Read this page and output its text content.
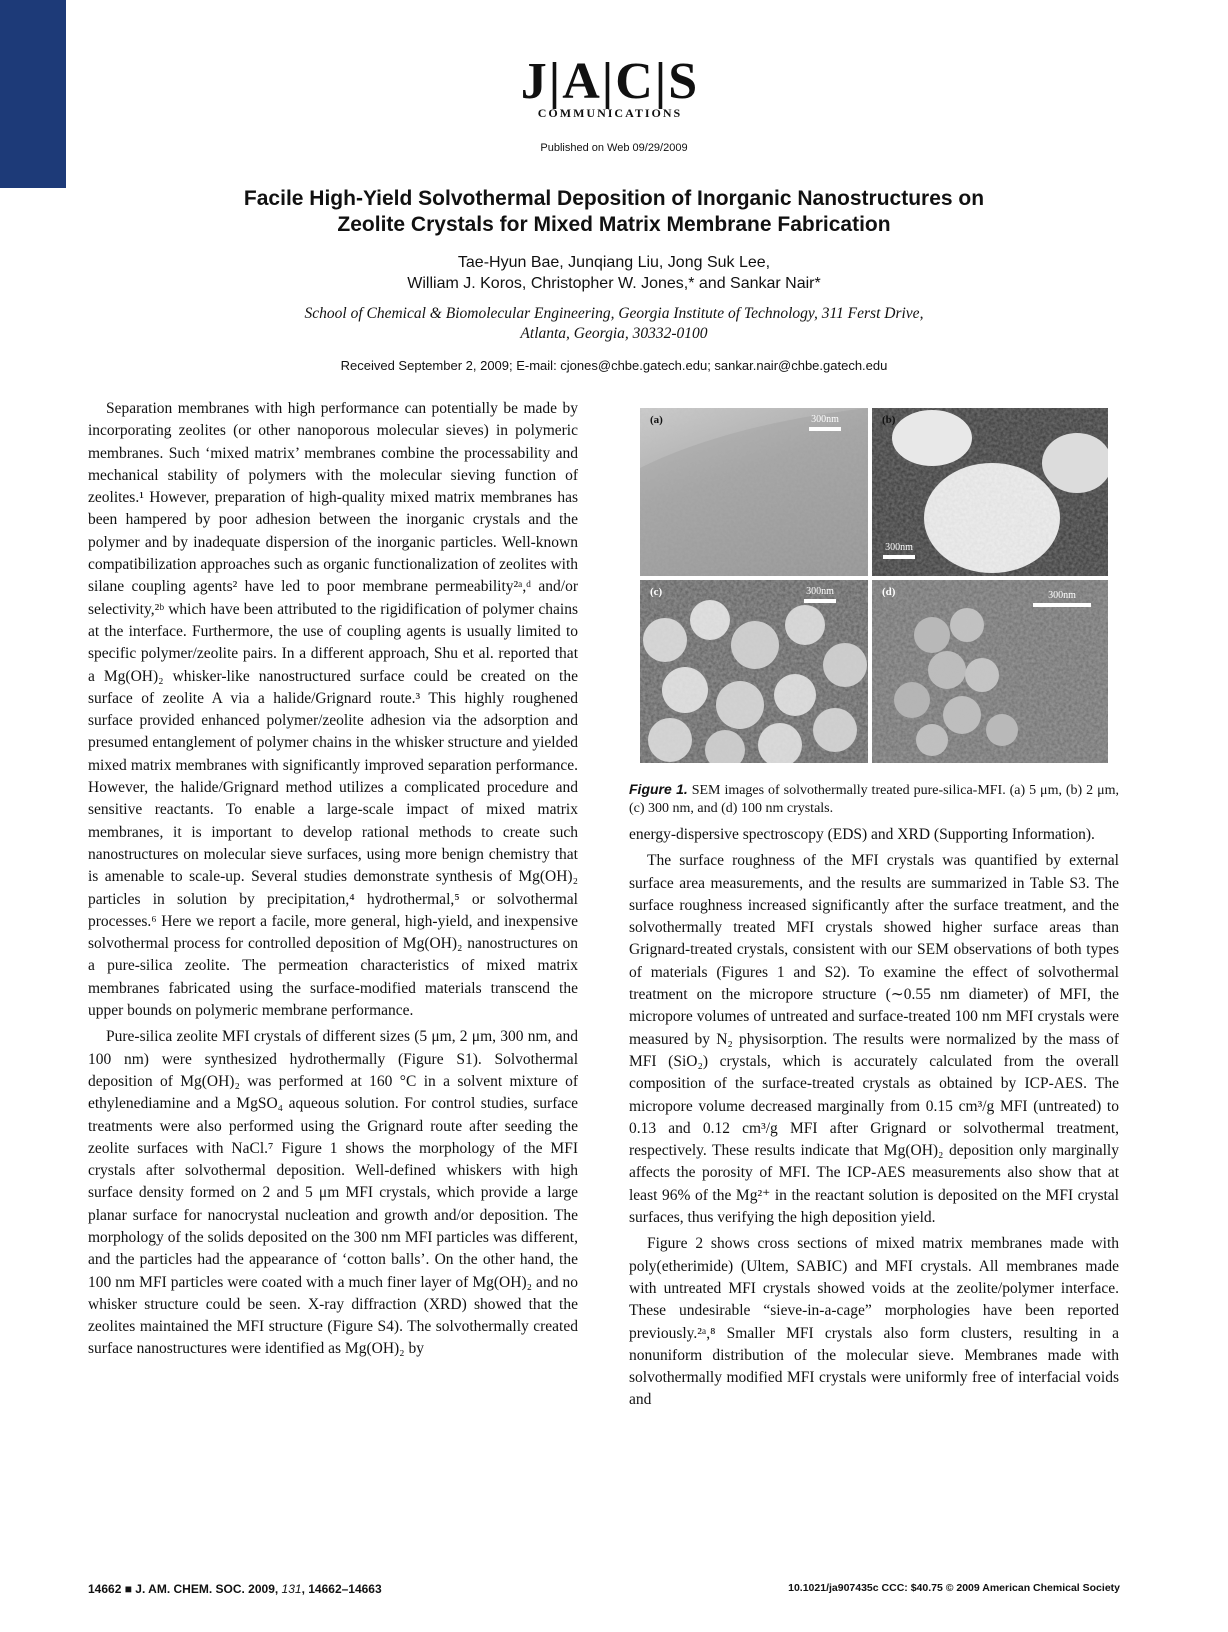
J|A|C|S
COMMUNICATIONS
Published on Web 09/29/2009
Facile High-Yield Solvothermal Deposition of Inorganic Nanostructures on
Zeolite Crystals for Mixed Matrix Membrane Fabrication
Tae-Hyun Bae, Junqiang Liu, Jong Suk Lee,
William J. Koros, Christopher W. Jones,* and Sankar Nair*
School of Chemical & Biomolecular Engineering, Georgia Institute of Technology, 311 Ferst Drive,
Atlanta, Georgia, 30332-0100
Received September 2, 2009; E-mail: cjones@chbe.gatech.edu; sankar.nair@chbe.gatech.edu

Separation membranes with high performance can potentially be made by incorporating zeolites (or other nanoporous molecular sieves) in polymeric membranes. Such ‘mixed matrix’ membranes combine the processability and mechanical stability of polymers with the molecular sieving function of zeolites.¹ However, preparation of high-quality mixed matrix membranes has been hampered by poor adhesion between the inorganic crystals and the polymer and by inadequate dispersion of the inorganic particles. Well-known compatibilization approaches such as organic functionalization of zeolites with silane coupling agents² have led to poor membrane permeability²ᵃ,ᵈ and/or selectivity,²ᵇ which have been attributed to the rigidification of polymer chains at the interface. Furthermore, the use of coupling agents is usually limited to specific polymer/zeolite pairs. In a different approach, Shu et al. reported that a Mg(OH)₂ whisker-like nanostructured surface could be created on the surface of zeolite A via a halide/Grignard route.³ This highly roughened surface provided enhanced polymer/zeolite adhesion via the adsorption and presumed entanglement of polymer chains in the whisker structure and yielded mixed matrix membranes with significantly improved separation performance. However, the halide/Grignard method utilizes a complicated procedure and sensitive reactants. To enable a large-scale impact of mixed matrix membranes, it is important to develop rational methods to create such nanostructures on molecular sieve surfaces, using more benign chemistry that is amenable to scale-up. Several studies demonstrate synthesis of Mg(OH)₂ particles in solution by precipitation,⁴ hydrothermal,⁵ or solvothermal processes.⁶ Here we report a facile, more general, high-yield, and inexpensive solvothermal process for controlled deposition of Mg(OH)₂ nanostructures on a pure-silica zeolite. The permeation characteristics of mixed matrix membranes fabricated using the surface-modified materials transcend the upper bounds on polymeric membrane performance.

Pure-silica zeolite MFI crystals of different sizes (5 μm, 2 μm, 300 nm, and 100 nm) were synthesized hydrothermally (Figure S1). Solvothermal deposition of Mg(OH)₂ was performed at 160 °C in a solvent mixture of ethylenediamine and a MgSO₄ aqueous solution. For control studies, surface treatments were also performed using the Grignard route after seeding the zeolite surfaces with NaCl.⁷ Figure 1 shows the morphology of the MFI crystals after solvothermal deposition. Well-defined whiskers with high surface density formed on 2 and 5 μm MFI crystals, which provide a large planar surface for nanocrystal nucleation and growth and/or deposition. The morphology of the solids deposited on the 300 nm MFI particles was different, and the particles had the appearance of ‘cotton balls’. On the other hand, the 100 nm MFI particles were coated with a much finer layer of Mg(OH)₂ and no whisker structure could be seen. X-ray diffraction (XRD) showed that the zeolites maintained the MFI structure (Figure S4). The solvothermally created surface nanostructures were identified as Mg(OH)₂ by

(a)	300nm	(b)
300nm
(c)	300nm	(d)	300nm
Figure 1. SEM images of solvothermally treated pure-silica-MFI. (a) 5 μm, (b) 2 μm, (c) 300 nm, and (d) 100 nm crystals.

energy-dispersive spectroscopy (EDS) and XRD (Supporting Information).

The surface roughness of the MFI crystals was quantified by external surface area measurements, and the results are summarized in Table S3. The surface roughness increased significantly after the surface treatment, and the solvothermally treated MFI crystals showed higher surface areas than Grignard-treated crystals, consistent with our SEM observations of both types of materials (Figures 1 and S2). To examine the effect of solvothermal treatment on the micropore structure (∼0.55 nm diameter) of MFI, the micropore volumes of untreated and surface-treated 100 nm MFI crystals were measured by N₂ physisorption. The results were normalized by the mass of MFI (SiO₂) crystals, which is accurately calculated from the overall composition of the surface-treated crystals as obtained by ICP-AES. The micropore volume decreased marginally from 0.15 cm³/g MFI (untreated) to 0.13 and 0.12 cm³/g MFI after Grignard or solvothermal treatment, respectively. These results indicate that Mg(OH)₂ deposition only marginally affects the porosity of MFI. The ICP-AES measurements also show that at least 96% of the Mg²⁺ in the reactant solution is deposited on the MFI crystal surfaces, thus verifying the high deposition yield.

Figure 2 shows cross sections of mixed matrix membranes made with poly(etherimide) (Ultem, SABIC) and MFI crystals. All membranes made with untreated MFI crystals showed voids at the zeolite/polymer interface. These undesirable “sieve-in-a-cage” morphologies have been reported previously.²ᵃ,⁸ Smaller MFI crystals also form clusters, resulting in a nonuniform distribution of the molecular sieve. Membranes made with solvothermally modified MFI crystals were uniformly free of interfacial voids and

14662 ■ J. AM. CHEM. SOC. 2009, 131, 14662–14663	10.1021/ja907435c CCC: $40.75 © 2009 American Chemical Society
